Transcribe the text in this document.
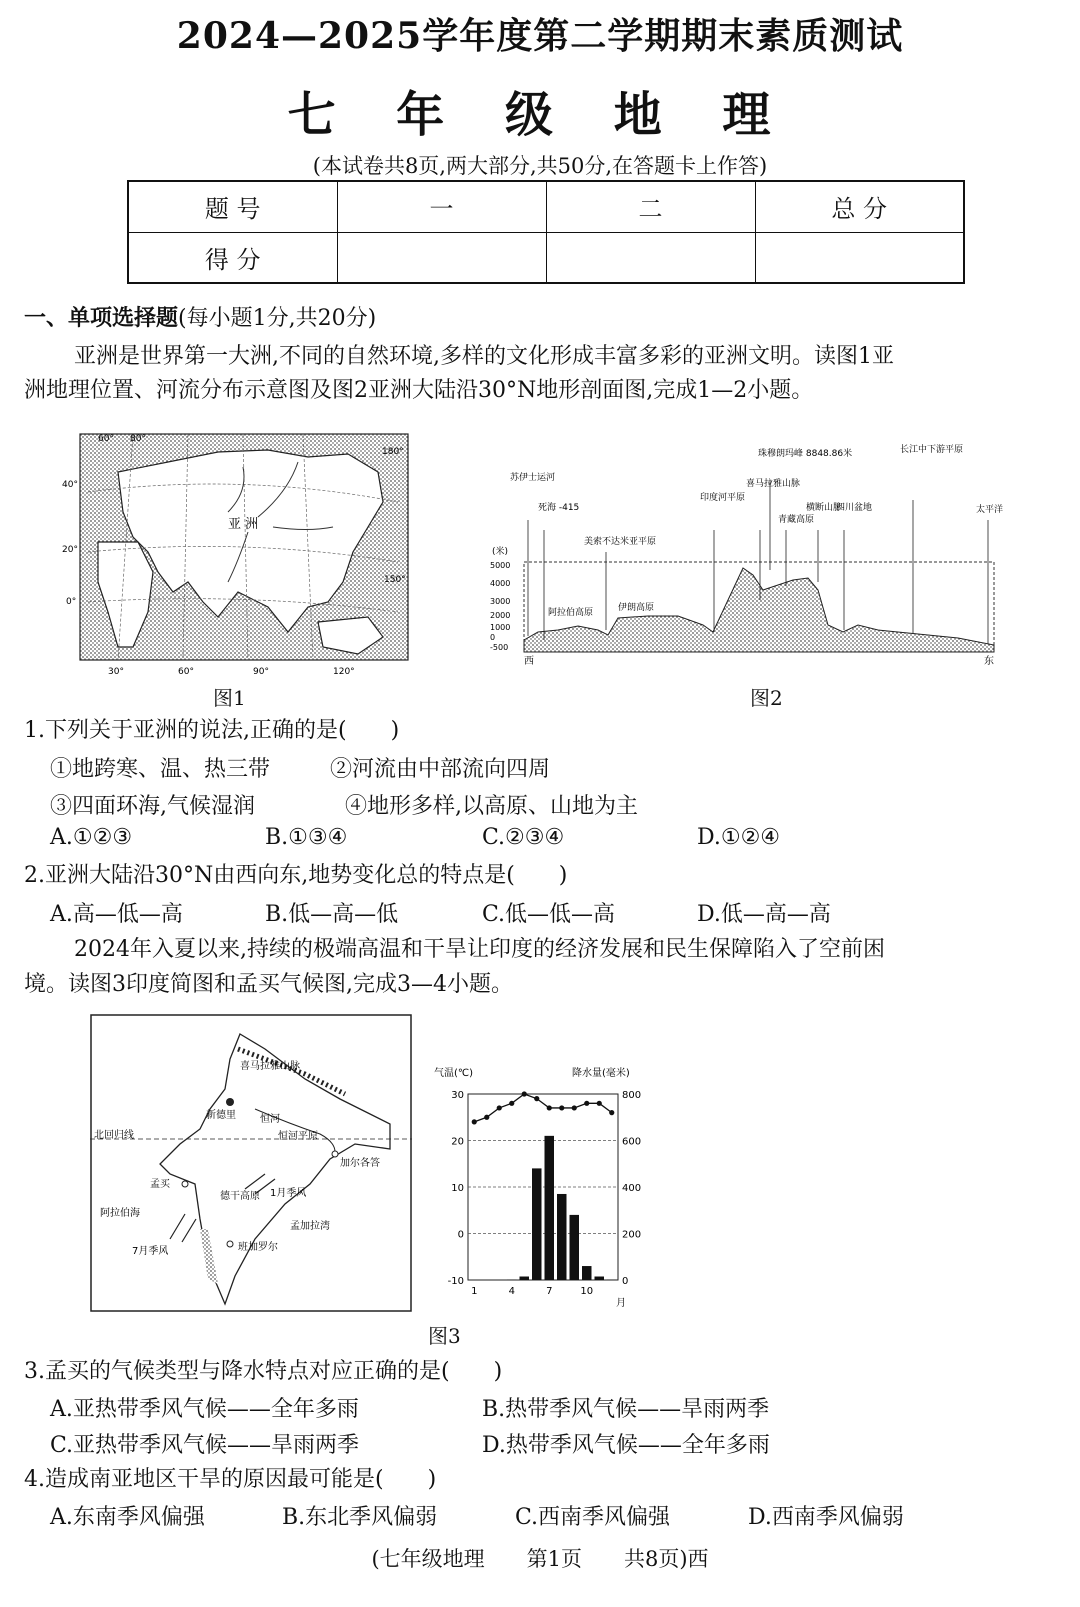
2024—2025学年度第二学期期末素质测试
七 年 级 地 理
(本试卷共8页,两大部分,共50分,在答题卡上作答)
题 号	一	二	总 分
得 分			
一、单项选择题(每小题1分,共20分)
亚洲是世界第一大洲,不同的自然环境,多样的文化形成丰富多彩的亚洲文明。读图1亚
洲地理位置、河流分布示意图及图2亚洲大陆沿30°N地形剖面图,完成1—2小题。
60° 80°
30°	60°	90°	120°
40°
20°
0°
180°
150°
亚 洲
图1
(米)
5000
4000
3000
2000
1000
0
-500
苏伊士运河
死海 -415
美索不达米亚平原
伊朗高原
阿拉伯高原
印度河平原
喜马拉雅山脉
珠穆朗玛峰 8848.86米
青藏高原
横断山脉
四川盆地
长江中下游平原
太平洋
西	东
图2
1.下列关于亚洲的说法,正确的是(　　)
①地跨寒、温、热三带	②河流由中部流向四周
③四面环海,气候湿润	④地形多样,以高原、山地为主
A.①②③	B.①③④	C.②③④	D.①②④
2.亚洲大陆沿30°N由西向东,地势变化总的特点是(　　)
A.高—低—高	B.低—高—低	C.低—低—高	D.低—高—高
2024年入夏以来,持续的极端高温和干旱让印度的经济发展和民生保障陷入了空前困
境。读图3印度简图和孟买气候图,完成3—4小题。
喜马拉雅山脉
新德里 恒河
恒河平原
北回归线
加尔各答
孟买
阿拉伯海
德干高原 1月季风
孟加拉湾
班加罗尔
7月季风
气温(℃)	降水量(毫米)
30	800
20	600
10	400
0	200
-10	0
1	4	7	10
月
图3
3.孟买的气候类型与降水特点对应正确的是(　　)
A.亚热带季风气候——全年多雨	B.热带季风气候——旱雨两季
C.亚热带季风气候——旱雨两季	D.热带季风气候——全年多雨
4.造成南亚地区干旱的原因最可能是(　　)
A.东南季风偏强	B.东北季风偏弱	C.西南季风偏强	D.西南季风偏弱
(七年级地理　　第1页　　共8页)西
